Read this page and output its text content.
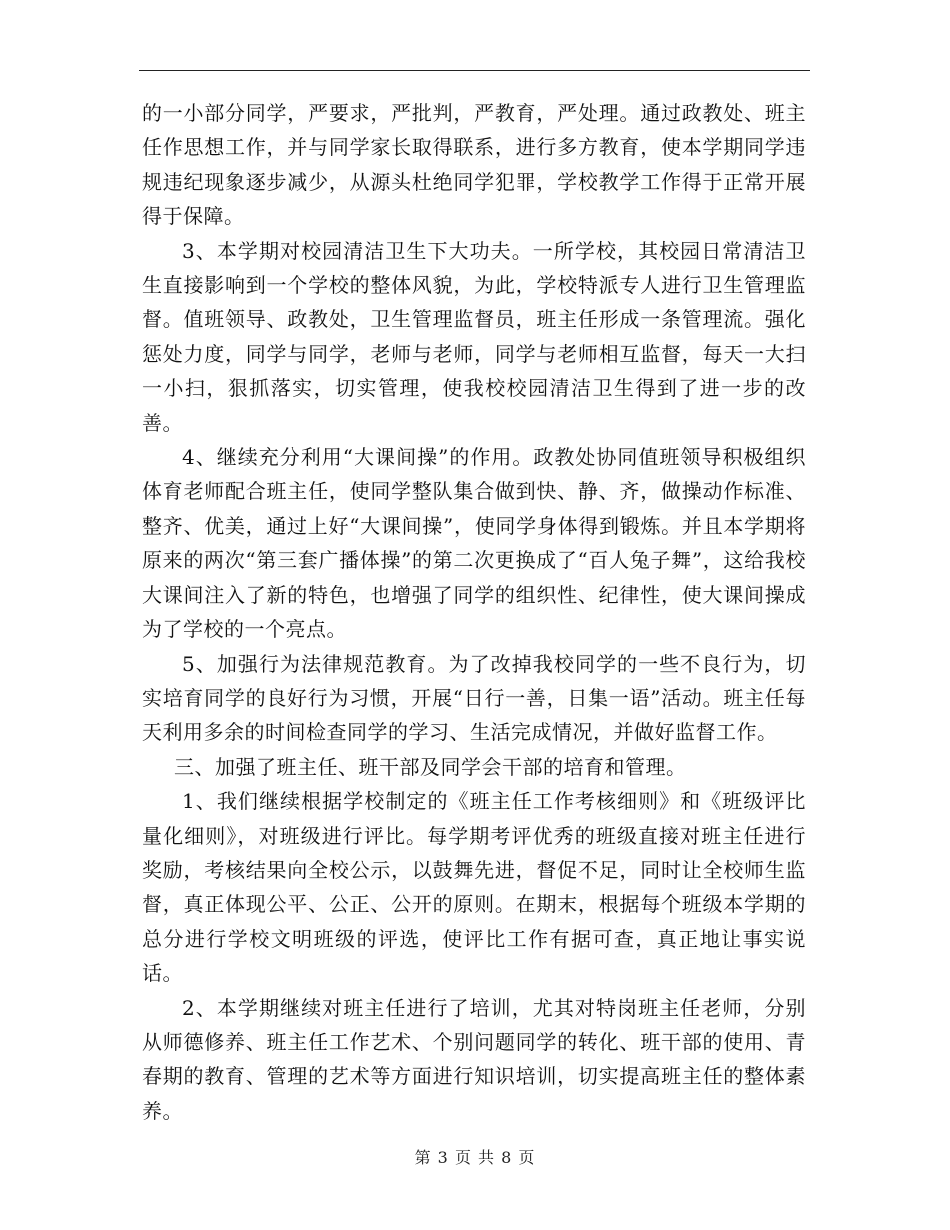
的一小部分同学，严要求，严批判，严教育，严处理。通过政教处、班主任作思想工作，并与同学家长取得联系，进行多方教育，使本学期同学违规违纪现象逐步减少，从源头杜绝同学犯罪，学校教学工作得于正常开展得于保障。

3、本学期对校园清洁卫生下大功夫。一所学校，其校园日常清洁卫生直接影响到一个学校的整体风貌，为此，学校特派专人进行卫生管理监督。值班领导、政教处，卫生管理监督员，班主任形成一条管理流。强化惩处力度，同学与同学，老师与老师，同学与老师相互监督，每天一大扫一小扫，狠抓落实，切实管理，使我校校园清洁卫生得到了进一步的改善。

4、继续充分利用“大课间操”的作用。政教处协同值班领导积极组织体育老师配合班主任，使同学整队集合做到快、静、齐，做操动作标准、整齐、优美，通过上好“大课间操”，使同学身体得到锻炼。并且本学期将原来的两次“第三套广播体操”的第二次更换成了“百人兔子舞”，这给我校大课间注入了新的特色，也增强了同学的组织性、纪律性，使大课间操成为了学校的一个亮点。

5、加强行为法律规范教育。为了改掉我校同学的一些不良行为，切实培育同学的良好行为习惯，开展“日行一善，日集一语”活动。班主任每天利用多余的时间检查同学的学习、生活完成情况，并做好监督工作。

三、加强了班主任、班干部及同学会干部的培育和管理。

1、我们继续根据学校制定的《班主任工作考核细则》和《班级评比量化细则》，对班级进行评比。每学期考评优秀的班级直接对班主任进行奖励，考核结果向全校公示，以鼓舞先进，督促不足，同时让全校师生监督，真正体现公平、公正、公开的原则。在期末，根据每个班级本学期的总分进行学校文明班级的评选，使评比工作有据可查，真正地让事实说话。

2、本学期继续对班主任进行了培训，尤其对特岗班主任老师，分别从师德修养、班主任工作艺术、个别问题同学的转化、班干部的使用、青春期的教育、管理的艺术等方面进行知识培训，切实提高班主任的整体素养。

第 3 页 共 8 页
